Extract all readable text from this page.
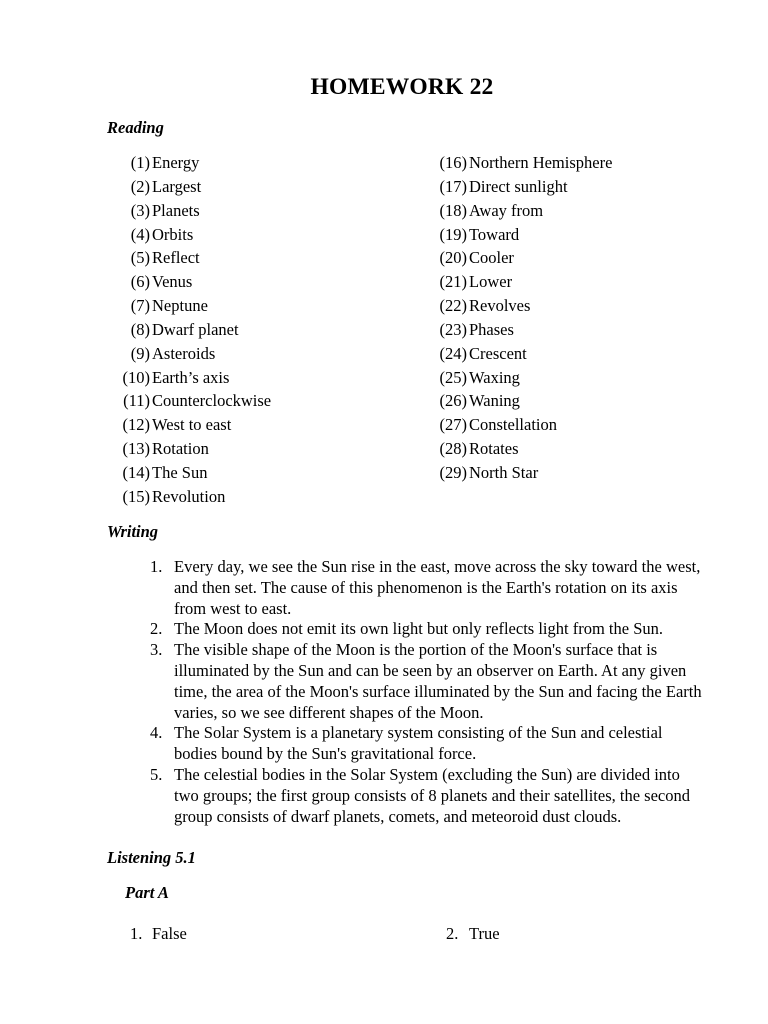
HOMEWORK 22
Reading
(1) Energy
(2) Largest
(3) Planets
(4) Orbits
(5) Reflect
(6) Venus
(7) Neptune
(8) Dwarf planet
(9) Asteroids
(10) Earth’s axis
(11) Counterclockwise
(12) West to east
(13) Rotation
(14) The Sun
(15) Revolution
(16) Northern Hemisphere
(17) Direct sunlight
(18) Away from
(19) Toward
(20) Cooler
(21) Lower
(22) Revolves
(23) Phases
(24) Crescent
(25) Waxing
(26) Waning
(27) Constellation
(28) Rotates
(29) North Star
Writing
1. Every day, we see the Sun rise in the east, move across the sky toward the west, and then set. The cause of this phenomenon is the Earth's rotation on its axis from west to east.
2. The Moon does not emit its own light but only reflects light from the Sun.
3. The visible shape of the Moon is the portion of the Moon's surface that is illuminated by the Sun and can be seen by an observer on Earth. At any given time, the area of the Moon's surface illuminated by the Sun and facing the Earth varies, so we see different shapes of the Moon.
4. The Solar System is a planetary system consisting of the Sun and celestial bodies bound by the Sun's gravitational force.
5. The celestial bodies in the Solar System (excluding the Sun) are divided into two groups; the first group consists of 8 planets and their satellites, the second group consists of dwarf planets, comets, and meteoroid dust clouds.
Listening 5.1
Part A
1. False	2. True
